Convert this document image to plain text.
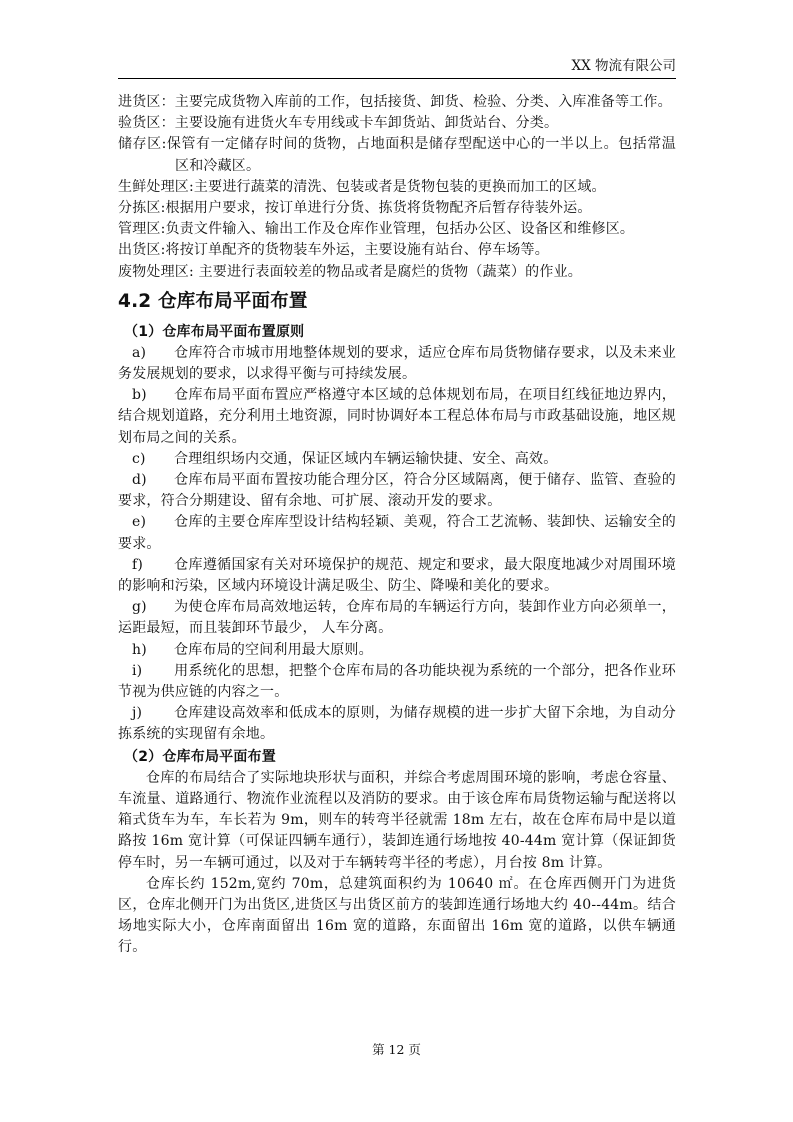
XX 物流有限公司

进货区：主要完成货物入库前的工作，包括接货、卸货、检验、分类、入库准备等工作。

验货区：主要设施有进货火车专用线或卡车卸货站、卸货站台、分类。

储存区:保管有一定储存时间的货物，占地面积是储存型配送中心的一半以上。包括常温区和冷藏区。

生鲜处理区:主要进行蔬菜的清洗、包装或者是货物包装的更换而加工的区域。

分拣区:根据用户要求，按订单进行分货、拣货将货物配齐后暂存待装外运。

管理区:负责文件输入、输出工作及仓库作业管理，包括办公区、设备区和维修区。

出货区:将按订单配齐的货物装车外运，主要设施有站台、停车场等。

废物处理区: 主要进行表面较差的物品或者是腐烂的货物（蔬菜）的作业。

4.2 仓库布局平面布置

（1）仓库布局平面布置原则

a) 仓库符合市城市用地整体规划的要求，适应仓库布局货物储存要求，以及未来业务发展规划的要求，以求得平衡与可持续发展。

b) 仓库布局平面布置应严格遵守本区域的总体规划布局，在项目红线征地边界内，结合规划道路，充分利用土地资源，同时协调好本工程总体布局与市政基础设施，地区规划布局之间的关系。

c) 合理组织场内交通，保证区域内车辆运输快捷、安全、高效。

d) 仓库布局平面布置按功能合理分区，符合分区域隔离，便于储存、监管、查验的要求，符合分期建设、留有余地、可扩展、滚动开发的要求。

e) 仓库的主要仓库库型设计结构轻颖、美观，符合工艺流畅、装卸快、运输安全的要求。

f) 仓库遵循国家有关对环境保护的规范、规定和要求，最大限度地减少对周围环境的影响和污染，区域内环境设计满足吸尘、防尘、降噪和美化的要求。

g) 为使仓库布局高效地运转，仓库布局的车辆运行方向，装卸作业方向必须单一，运距最短，而且装卸环节最少， 人车分离。

h) 仓库布局的空间利用最大原则。

i) 用系统化的思想，把整个仓库布局的各功能块视为系统的一个部分，把各作业环节视为供应链的内容之一。

j) 仓库建设高效率和低成本的原则，为储存规模的进一步扩大留下余地，为自动分拣系统的实现留有余地。

（2）仓库布局平面布置

仓库的布局结合了实际地块形状与面积，并综合考虑周围环境的影响，考虑仓容量、车流量、道路通行、物流作业流程以及消防的要求。由于该仓库布局货物运输与配送将以箱式货车为车，车长若为 9m，则车的转弯半径就需 18m 左右，故在仓库布局中是以道路按 16m 宽计算（可保证四辆车通行），装卸连通行场地按 40-44m 宽计算（保证卸货停车时，另一车辆可通过，以及对于车辆转弯半径的考虑），月台按 8m 计算。

仓库长约 152m,宽约 70m，总建筑面积约为 10640 ㎡。在仓库西侧开门为进货区，仓库北侧开门为出货区,进货区与出货区前方的装卸连通行场地大约 40--44m。结合场地实际大小，仓库南面留出 16m 宽的道路，东面留出 16m 宽的道路，以供车辆通行。

第 12 页
